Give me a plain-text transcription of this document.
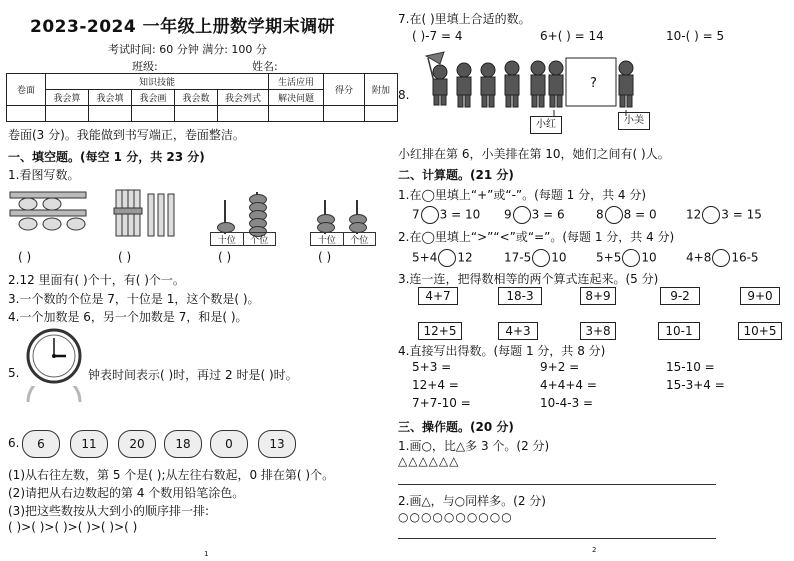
2023-2024 一年级上册数学期末调研
考试时间: 60 分钟 满分: 100 分
班级:	姓名:
卷面	知识技能					生活应用	得分	附加
	我会算	我会填	我会画	我会数	我会列式	解决问题		

卷面(3 分)。我能做到书写端正，卷面整洁。
一、填空题。(每空 1 分，共 23 分)
1.看图写数。
十位	个位	十位	个位
( )	( )	( )	( )
2.12 里面有( )个十，有( )个一。
3.一个数的个位是 7，十位是 1，这个数是( )。
4.一个加数是 6，另一个加数是 7，和是( )。
5.	钟表时间表示( )时，再过 2 时是( )时。
6.	6	11	20	18	0	13
(1)从右往左数，第 5 个是( );从左往右数起，0 排在第( )个。
(2)请把从右边数起的第 4 个数用铅笔涂色。
(3)把这些数按从大到小的顺序排一排:
( )>( )>( )>( )>( )>( )
1
7.在( )里填上合适的数。
( )-7 = 4	6+( ) = 14	10-( ) = 5
8.
?
小红	小美
小红排在第 6，小美排在第 10，她们之间有( )人。
二、计算题。(21 分)
1.在◯里填上“+”或“-”。(每题 1 分，共 4 分)
7 3 = 10 9 3 = 6	8 8 = 0 12 3 = 15
2.在◯里填上“>”“<”或“=”。(每题 1 分，共 4 分)
5+4 12	17-5 10 5+5 10 4+8 16-5
3.连一连，把得数相等的两个算式连起来。(5 分)
4+7	18-3	8+9	9-2	9+0
12+5	4+3	3+8	10-1	10+5
4.直接写出得数。(每题 1 分，共 8 分)
5+3 =	9+2 =	15-10 =
12+4 =	4+4+4 =	15-3+4 =
7+7-10 =	10-4-3 =
三、操作题。(20 分)
1.画○，比△多 3 个。(2 分)
△△△△△△
2.画△，与○同样多。(2 分)
○○○○○○○○○○
2
